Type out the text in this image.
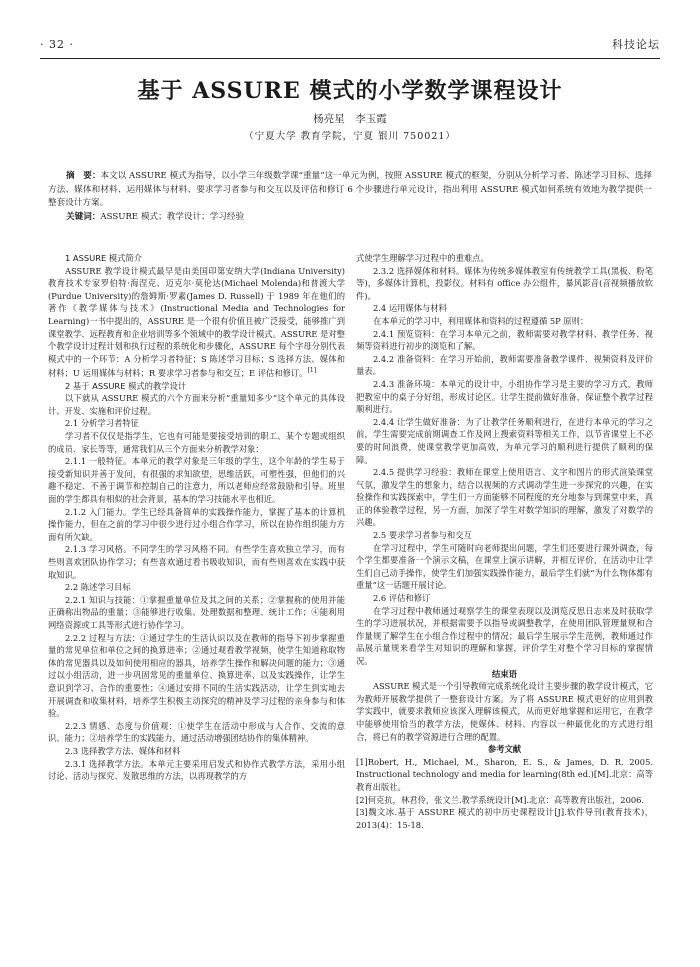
· 32 ·	科技论坛
基于 ASSURE 模式的小学数学课程设计
杨亮星　李玉霞
（宁夏大学 教育学院，宁夏 银川 750021）
摘　要：本文以 ASSURE 模式为指导，以小学三年级数学课“重量”这一单元为例，按照 ASSURE 模式的框架，分别从分析学习者、陈述学习目标、选择方法、媒体和材料、运用媒体与材料、要求学习者参与和交互以及评估和修订 6 个步骤进行单元设计，指出利用 ASSURE 模式如何系统有效地为教学提供一整套设计方案。
关键词：ASSURE 模式；教学设计；学习经验

1 ASSURE 模式简介

ASSURE 教学设计模式最早是由美国印第安纳大学(Indiana University) 教育技术专家罗伯特·海涅克、迈克尔·莫伦达(Michael Molenda)和普渡大学(Purdue University)的詹姆斯·罗素(James D. Russell) 于 1989 年在他们的著作《教学媒体与技术》(Instructional Media and Technologies for Learning)一书中提出的，ASSURE 是一个很有价值且被广泛接受，能够推广到课堂教学、远程教育和企业培训等多个领域中的教学设计模式。ASSURE 是对整个教学设计过程计划和执行过程的系统化和步骤化，ASSURE 每个字母分别代表模式中的一个环节：A 分析学习者特征；S 陈述学习目标；S 选择方法、媒体和材料；U 运用媒体与材料；R 要求学习者参与和交互；E 评估和修订。[1]

2 基于 ASSURE 模式的教学设计

以下就从 ASSURE 模式的六个方面来分析“重量知多少”这个单元的具体设计、开发、实施和评价过程。

2.1 分析学习者特征

学习者不仅仅是指学生，它也有可能是要接受培训的职工、某个专题或组织的成员、家长等等，通常我们从三个方面来分析教学对象：

2.1.1 一般特征。本单元的教学对象是三年级的学生，这个年龄的学生易于接受新知识并善于发问，有很强的求知欲望，思维活跃，可塑性强，但他们的兴趣不稳定、不善于调节和控制自己的注意力，所以老师应经常鼓励和引导。班里面的学生都具有相似的社会背景，基本的学习技能水平也相近。

2.1.2 入门能力。学生已经具备简单的实践操作能力，掌握了基本的计算机操作能力，但在之前的学习中很少进行过小组合作学习，所以在协作组织能力方面有所欠缺。

2.1.3 学习风格。不同学生的学习风格不同。有些学生喜欢独立学习，而有些则喜欢团队协作学习；有些喜欢通过看书吸收知识，而有些则喜欢在实践中获取知识。

2.2 陈述学习目标

2.2.1 知识与技能：①掌握重量单位及其之间的关系；②掌握称的使用并能正确称出物品的重量；③能够进行收集、处理数据和整理、统计工作；④能利用网络资源或工具等形式进行协作学习。

2.2.2 过程与方法：①通过学生的生活认识以及在教师的指导下初步掌握重量的常见单位和单位之间的换算进率；②通过观看教学视频，使学生知道称取物体的常见器具以及如何使用相应的器具，培养学生操作和解决问题的能力；③通过以小组活动，进一步巩固常见的重量单位、换算进率、以及实践操作，让学生意识到学习、合作的重要性；④通过安排不同的生活实践活动，让学生到实地去开展调查和收集材料，培养学生积极主动探究的精神及学习过程的亲身参与和体验。

2.2.3 情感、态度与价值观：①使学生在活动中形成与人合作、交流的意识、能力；②培养学生的实践能力，通过活动增强团结协作的集体精神。

2.3 选择教学方法、媒体和材料

2.3.1 选择教学方法。本单元主要采用启发式和协作式教学方法，采用小组讨论、活动与探究、发散思维的方法，以再现教学的方

式使学生理解学习过程中的重难点。

2.3.2 选择媒体和材料。媒体为传统多媒体教室有传统教学工具(黑板、粉笔等)，多媒体计算机，投影仪。材料有 office 办公组件，暴风影音(音视频播放软件)。

2.4 运用媒体与材料

在本单元的学习中，利用媒体和资料的过程遵循 5P 原则：

2.4.1 预览资料：在学习本单元之前，教师需要对教学材料、教学任务、视频等资料进行初步的浏览和了解。

2.4.2 准备资料：在学习开始前，教师需要准备教学课件、视频资料及评价量表。

2.4.3 准备环境：本单元的设计中，小组协作学习是主要的学习方式，教师把教室中的桌子分好组，形成讨论区。让学生提前做好准备，保证整个教学过程顺利进行。

2.4.4 让学生做好准备：为了让教学任务顺利进行，在进行本单元的学习之前，学生需要完成前期调查工作及网上搜索资料等相关工作，以节省课堂上不必要的时间浪费，使课堂教学更加高效，为单元学习的顺利进行提供了顺利的保障。

2.4.5 提供学习经验：教师在课堂上使用语言、文字和图片的形式渲染课堂气氛，激发学生的想象力，结合以视频的方式调动学生进一步探究的兴趣，在实验操作和实践探索中，学生们一方面能够不同程度的充分地参与到课堂中来，真正的体验教学过程，另一方面，加深了学生对数学知识的理解，激发了对数学的兴趣。

2.5 要求学习者参与和交互

在学习过程中，学生可随时向老师提出问题，学生们还要进行课外调查，每个学生都要准备一个演示文稿，在课堂上演示讲解，并相互评价，在活动中让学生们自己动手操作，使学生们加强实践操作能力，最后学生们就“为什么物体都有重量”这一话题开展讨论。

2.6 评估和修订

在学习过程中教师通过观察学生的课堂表现以及浏览反思日志来及时获取学生的学习进展状况，并根据需要予以指导或调整教学，在使用团队管理量规和合作量规了解学生在小组合作过程中的情况；最后学生展示学生范例，教师通过作品展示量规来看学生对知识的理解和掌握，评价学生对整个学习目标的掌握情况。

结束语

ASSURE 模式是一个引导教师完成系统化设计主要步骤的教学设计模式，它为教师开展教学提供了一整套设计方案。为了将 ASSURE 模式更好的应用到教学实践中，就要求教师应该深入理解该模式，从而更好地掌握和运用它，在教学中能够使用恰当的教学方法，使媒体、材料、内容以一种最优化的方式进行组合，将已有的教学资源进行合理的配置。

参考文献

[1]Robert, H., Michael, M., Sharon, E. S., & James, D. R. 2005. Instructional technology and media for learning(8th ed.)[M].北京：高等教育出版社。

[2]何克抗，林君伶，张文兰.教学系统设计[M].北京：高等教育出版社，2006.

[3]魏文冰.基于 ASSURE 模式的初中历史课程设计[J].软件导刊(教育技术)，2013(4)：15-18.
